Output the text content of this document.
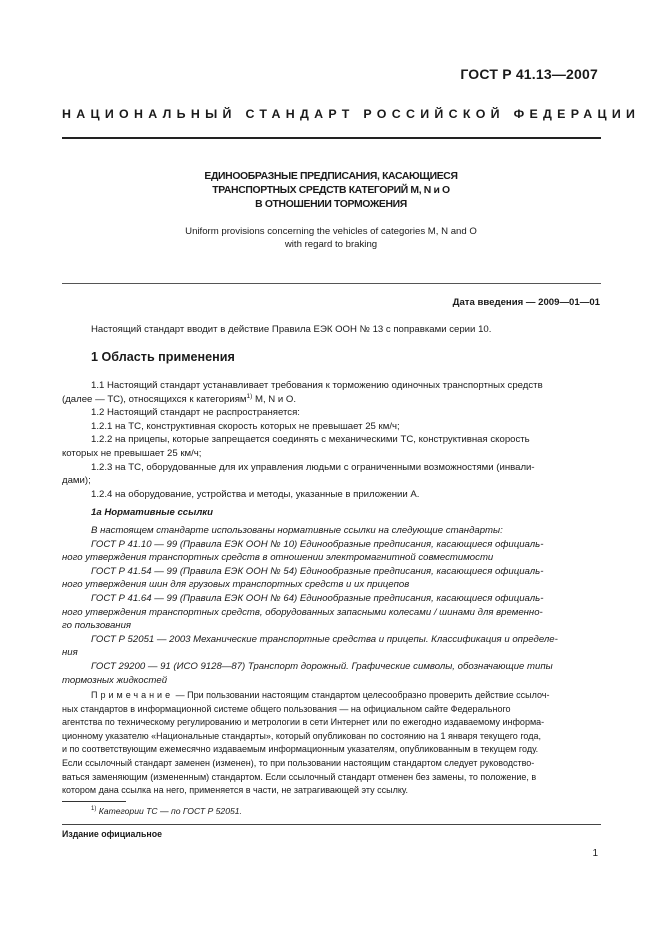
ГОСТ Р 41.13—2007
НАЦИОНАЛЬНЫЙ СТАНДАРТ РОССИЙСКОЙ ФЕДЕРАЦИИ
ЕДИНООБРАЗНЫЕ ПРЕДПИСАНИЯ, КАСАЮЩИЕСЯ
ТРАНСПОРТНЫХ СРЕДСТВ КАТЕГОРИЙ M, N и O
В ОТНОШЕНИИ ТОРМОЖЕНИЯ
Uniform provisions concerning the vehicles of categories M, N and O
with regard to braking
Дата введения — 2009—01—01
Настоящий стандарт вводит в действие Правила ЕЭК ООН № 13 с поправками серии 10.
1 Область применения
1.1 Настоящий стандарт устанавливает требования к торможению одиночных транспортных средств
(далее — ТС), относящихся к категориям$^{1)}$ M, N и O.
1.2 Настоящий стандарт не распространяется:
1.2.1 на ТС, конструктивная скорость которых не превышает 25 км/ч;
1.2.2 на прицепы, которые запрещается соединять с механическими ТС, конструктивная скорость
которых не превышает 25 км/ч;
1.2.3 на ТС, оборудованные для их управления людьми с ограниченными возможностями (инвали-
дами);
1.2.4 на оборудование, устройства и методы, указанные в приложении А.
1а Нормативные ссылки
В настоящем стандарте использованы нормативные ссылки на следующие стандарты:
ГОСТ Р 41.10 — 99 (Правила ЕЭК ООН № 10) Единообразные предписания, касающиеся официаль-
ного утверждения транспортных средств в отношении электромагнитной совместимости
ГОСТ Р 41.54 — 99 (Правила ЕЭК ООН № 54) Единообразные предписания, касающиеся официаль-
ного утверждения шин для грузовых транспортных средств и их прицепов
ГОСТ Р 41.64 — 99 (Правила ЕЭК ООН № 64) Единообразные предписания, касающиеся официаль-
ного утверждения транспортных средств, оборудованных запасными колесами / шинами для временно-
го пользования
ГОСТ Р 52051 — 2003 Механические транспортные средства и прицепы. Классификация и определе-
ния
ГОСТ 29200 — 91 (ИСО 9128—87) Транспорт дорожный. Графические символы, обозначающие типы
тормозных жидкостей
Примечание — При пользовании настоящим стандартом целесообразно проверить действие ссылоч-
ных стандартов в информационной системе общего пользования — на официальном сайте Федерального
агентства по техническому регулированию и метрологии в сети Интернет или по ежегодно издаваемому информа-
ционному указателю «Национальные стандарты», который опубликован по состоянию на 1 января текущего года,
и по соответствующим ежемесячно издаваемым информационным указателям, опубликованным в текущем году.
Если ссылочный стандарт заменен (изменен), то при пользовании настоящим стандартом следует руководство-
ваться заменяющим (измененным) стандартом. Если ссылочный стандарт отменен без замены, то положение, в
котором дана ссылка на него, применяется в части, не затрагивающей эту ссылку.
$^{1)}$ Категории ТС — по ГОСТ Р 52051.
Издание официальное
1
